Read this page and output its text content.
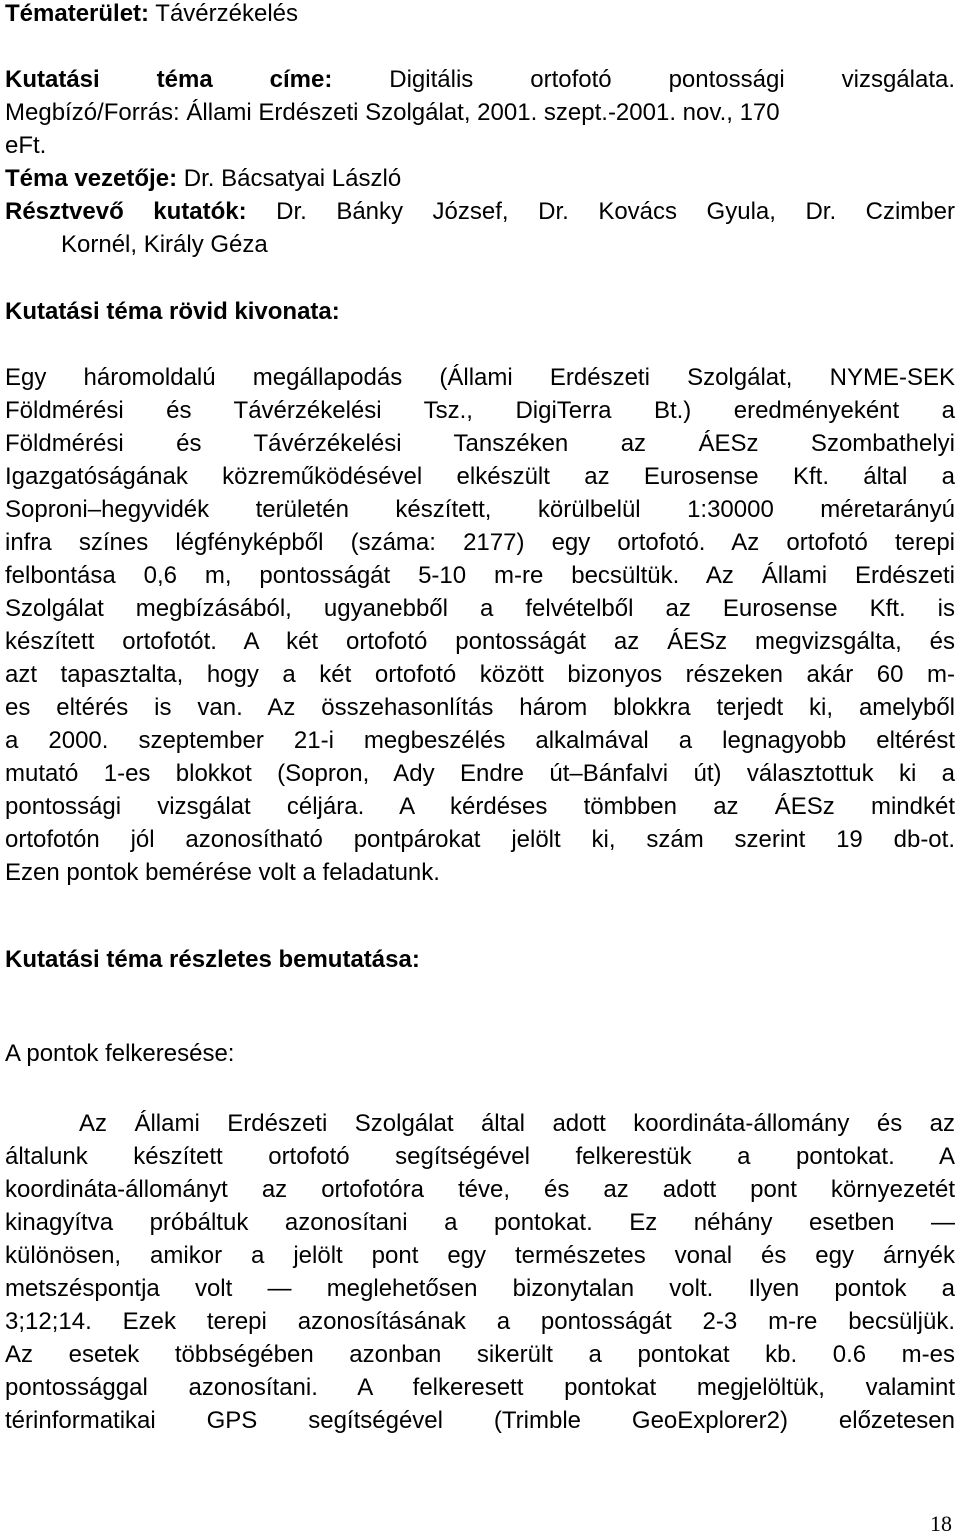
Tématerület: Távérzékelés
Kutatási téma címe: Digitális ortofotó pontossági vizsgálata.
Megbízó/Forrás: Állami Erdészeti Szolgálat, 2001. szept.-2001. nov., 170
eFt.
Téma vezetője: Dr. Bácsatyai László
Résztvevő kutatók: Dr. Bánky József, Dr. Kovács Gyula, Dr. Czimber
Kornél, Király Géza
Kutatási téma rövid kivonata:
Egy háromoldalú megállapodás (Állami Erdészeti Szolgálat, NYME-SEK
Földmérési és Távérzékelési Tsz., DigiTerra Bt.) eredményeként a
Földmérési és Távérzékelési Tanszéken az ÁESz Szombathelyi
Igazgatóságának közreműködésével elkészült az Eurosense Kft. által a
Soproni–hegyvidék területén készített, körülbelül 1:30000 méretarányú
infra színes légfényképből (száma: 2177) egy ortofotó. Az ortofotó terepi
felbontása 0,6 m, pontosságát 5-10 m-re becsültük. Az Állami Erdészeti
Szolgálat megbízásából, ugyanebből a felvételből az Eurosense Kft. is
készített ortofotót. A két ortofotó pontosságát az ÁESz megvizsgálta, és
azt tapasztalta, hogy a két ortofotó között bizonyos részeken akár 60 m-
es eltérés is van. Az összehasonlítás három blokkra terjedt ki, amelyből
a 2000. szeptember 21-i megbeszélés alkalmával a legnagyobb eltérést
mutató 1-es blokkot (Sopron, Ady Endre út–Bánfalvi út) választottuk ki a
pontossági vizsgálat céljára. A kérdéses tömbben az ÁESz mindkét
ortofotón jól azonosítható pontpárokat jelölt ki, szám szerint 19 db-ot.
Ezen pontok bemérése volt a feladatunk.
Kutatási téma részletes bemutatása:
A pontok felkeresése:
Az Állami Erdészeti Szolgálat által adott koordináta-állomány és az
általunk készített ortofotó segítségével felkerestük a pontokat. A
koordináta-állományt az ortofotóra téve, és az adott pont környezetét
kinagyítva próbáltuk azonosítani a pontokat. Ez néhány esetben —
különösen, amikor a jelölt pont egy természetes vonal és egy árnyék
metszéspontja volt — meglehetősen bizonytalan volt. Ilyen pontok a
3;12;14. Ezek terepi azonosításának a pontosságát 2-3 m-re becsüljük.
Az esetek többségében azonban sikerült a pontokat kb. 0.6 m-es
pontossággal azonosítani. A felkeresett pontokat megjelöltük, valamint
térinformatikai GPS segítségével (Trimble GeoExplorer2) előzetesen
18
